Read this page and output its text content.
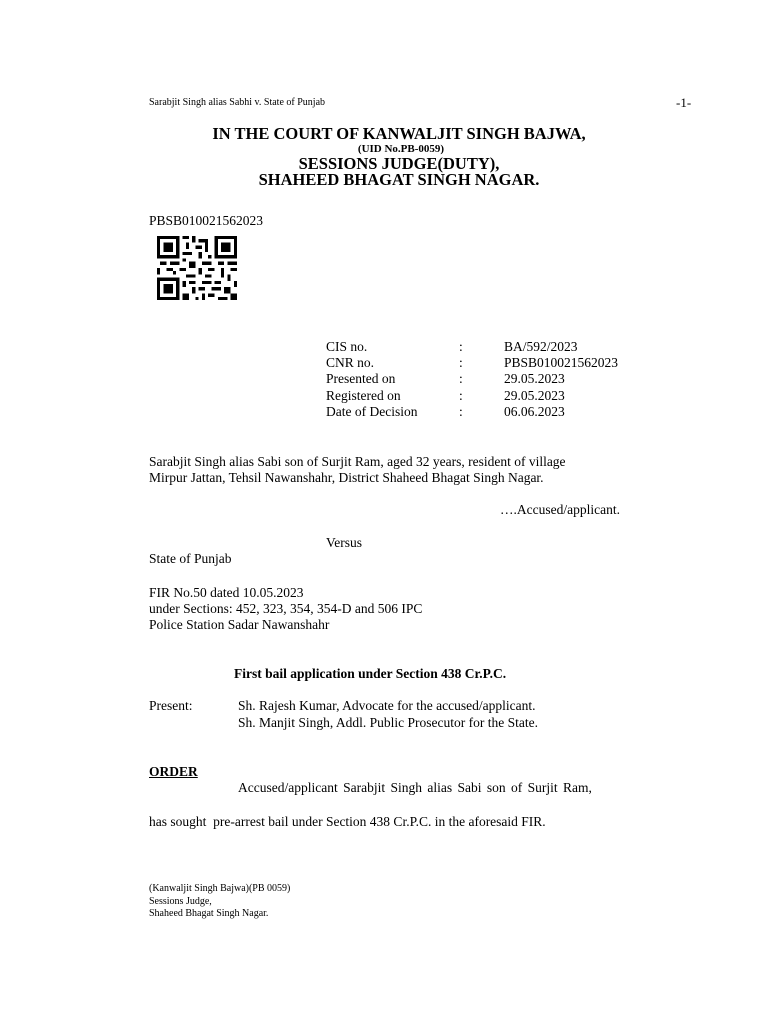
Sarabjit Singh alias Sabhi v. State of Punjab	-1-
IN THE COURT OF KANWALJIT SINGH BAJWA,
(UID No.PB-0059)
SESSIONS JUDGE(DUTY),
SHAHEED BHAGAT SINGH NAGAR.
PBSB010021562023
CIS no.	:	BA/592/2023
CNR no.	:	PBSB010021562023
Presented on	:	29.05.2023
Registered on	:	29.05.2023
Date of Decision	:	06.06.2023
Sarabjit Singh alias Sabi son of Surjit Ram, aged 32 years, resident of village
Mirpur Jattan, Tehsil Nawanshahr, District Shaheed Bhagat Singh Nagar.
….Accused/applicant.
Versus
State of Punjab
FIR No.50 dated 10.05.2023
under Sections: 452, 323, 354, 354-D and 506 IPC
Police Station Sadar Nawanshahr
First bail application under Section 438 Cr.P.C.
Present:	Sh. Rajesh Kumar, Advocate for the accused/applicant.
Sh. Manjit Singh, Addl. Public Prosecutor for the State.
ORDER
Accused/applicant Sarabjit Singh alias Sabi son of Surjit Ram,
has sought  pre-arrest bail under Section 438 Cr.P.C. in the aforesaid FIR.
(Kanwaljit Singh Bajwa)(PB 0059)
Sessions Judge,
Shaheed Bhagat Singh Nagar.
